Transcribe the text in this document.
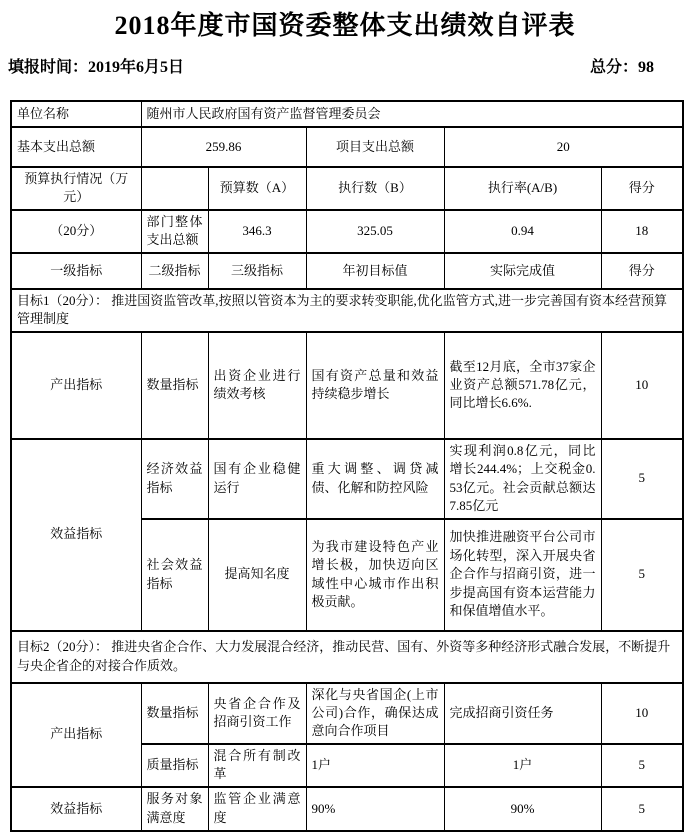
2018年度市国资委整体支出绩效自评表
填报时间：2019年6月5日	总分：98
单位名称	随州市人民政府国有资产监督管理委员会				
基本支出总额	259.86		项目支出总额	20	
预算执行情况（万元）		预算数（A）	执行数（B）	执行率(A/B)	得分
（20分）	部门整体支出总额	346.3	325.05	0.94	18
一级指标	二级指标	三级指标	年初目标值	实际完成值	得分
目标1（20分）： 推进国资监管改革,按照以管资本为主的要求转变职能,优化监管方式,进一步完善国有资本经营预算管理制度					
产出指标	数量指标	出资企业进行绩效考核	国有资产总量和效益持续稳步增长	截至12月底，全市37家企业资产总额571.78亿元，同比增长6.6%.	10
效益指标	经济效益指标	国有企业稳健运行	重大调整、调贷减债、化解和防控风险	实现利润0.8亿元，同比增长244.4%；上交税金0.53亿元。社会贡献总额达7.85亿元	5
	社会效益指标	提高知名度	为我市建设特色产业增长极，加快迈向区域性中心城市作出积极贡献。	加快推进融资平台公司市场化转型，深入开展央省企合作与招商引资，进一步提高国有资本运营能力和保值增值水平。	5
目标2（20分）： 推进央省企合作、大力发展混合经济，推动民营、国有、外资等多种经济形式融合发展，不断提升与央企省企的对接合作质效。					
产出指标	数量指标	央省企合作及招商引资工作	深化与央省国企(上市公司)合作，确保达成意向合作项目	完成招商引资任务	10
	质量指标	混合所有制改革	1户	1户	5
效益指标	服务对象满意度	监管企业满意度	90%	90%	5
